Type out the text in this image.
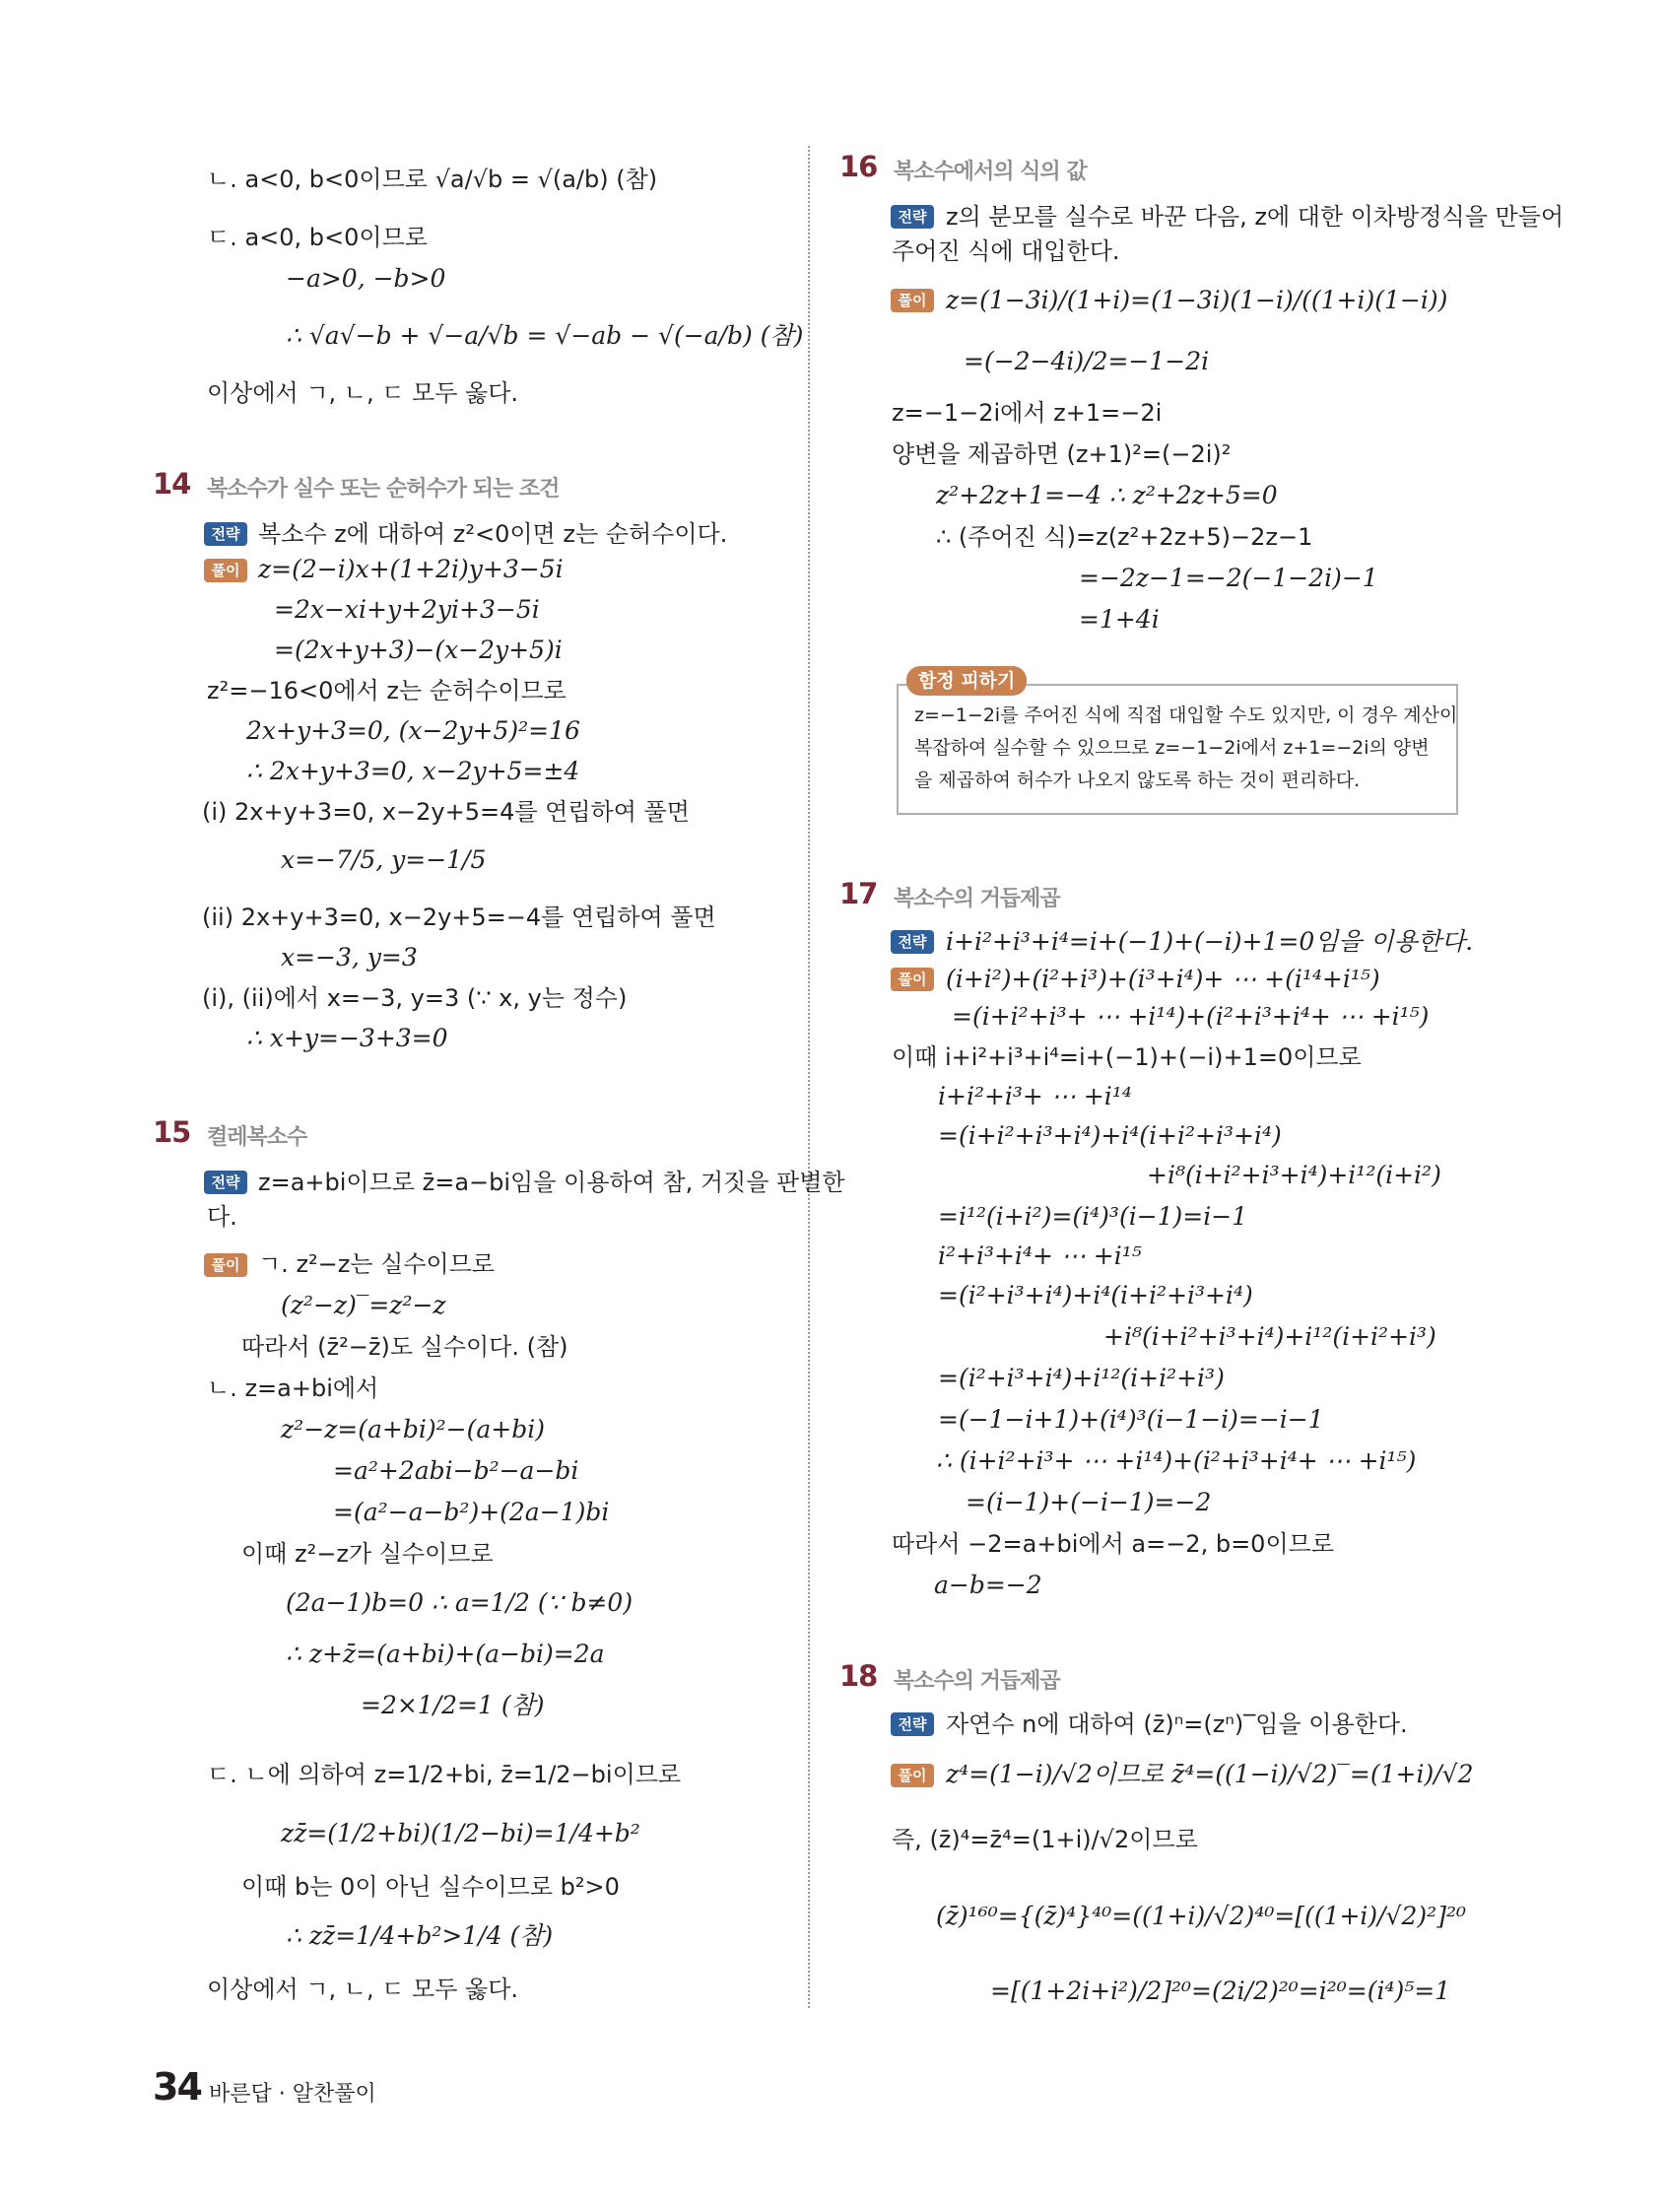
ㄴ. a<0, b<0이므로 √a/√b = √(a/b) (참)
ㄷ. a<0, b<0이므로
−a>0, −b>0
∴ √a√−b + √−a/√b = √−ab − √(−a/b) (참)
이상에서 ㄱ, ㄴ, ㄷ 모두 옳다.
14 복소수가 실수 또는 순허수가 되는 조건
전략 복소수 z에 대하여 z²<0이면 z는 순허수이다.
풀이 z=(2−i)x+(1+2i)y+3−5i
=2x−xi+y+2yi+3−5i
=(2x+y+3)−(x−2y+5)i
z²=−16<0에서 z는 순허수이므로
2x+y+3=0, (x−2y+5)²=16
∴ 2x+y+3=0, x−2y+5=±4
(i) 2x+y+3=0, x−2y+5=4를 연립하여 풀면
x=−7/5, y=−1/5
(ii) 2x+y+3=0, x−2y+5=−4를 연립하여 풀면
x=−3, y=3
(i), (ii)에서 x=−3, y=3 (∵ x, y는 정수)
∴ x+y=−3+3=0
15 켤레복소수
전략 z=a+bi이므로 z̄=a−bi임을 이용하여 참, 거짓을 판별한
다.
풀이 ㄱ. z²−z는 실수이므로
(z²−z)‾=z²−z
따라서 (z̄²−z̄)도 실수이다. (참)
ㄴ. z=a+bi에서
z²−z=(a+bi)²−(a+bi)
=a²+2abi−b²−a−bi
=(a²−a−b²)+(2a−1)bi
이때 z²−z가 실수이므로
(2a−1)b=0 ∴ a=1/2 (∵ b≠0)
∴ z+z̄=(a+bi)+(a−bi)=2a
=2×1/2=1 (참)
ㄷ. ㄴ에 의하여 z=1/2+bi, z̄=1/2−bi이므로
zz̄=(1/2+bi)(1/2−bi)=1/4+b²
이때 b는 0이 아닌 실수이므로 b²>0
∴ zz̄=1/4+b²>1/4 (참)
이상에서 ㄱ, ㄴ, ㄷ 모두 옳다.
16 복소수에서의 식의 값
전략 z의 분모를 실수로 바꾼 다음, z에 대한 이차방정식을 만들어
주어진 식에 대입한다.
풀이 z=(1−3i)/(1+i)=(1−3i)(1−i)/((1+i)(1−i))
=(−2−4i)/2=−1−2i
z=−1−2i에서 z+1=−2i
양변을 제곱하면 (z+1)²=(−2i)²
z²+2z+1=−4 ∴ z²+2z+5=0
∴ (주어진 식)=z(z²+2z+5)−2z−1
=−2z−1=−2(−1−2i)−1
=1+4i
함정 피하기
z=−1−2i를 주어진 식에 직접 대입할 수도 있지만, 이 경우 계산이
복잡하여 실수할 수 있으므로 z=−1−2i에서 z+1=−2i의 양변
을 제곱하여 허수가 나오지 않도록 하는 것이 편리하다.
17 복소수의 거듭제곱
전략 i+i²+i³+i⁴=i+(−1)+(−i)+1=0임을 이용한다.
풀이 (i+i²)+(i²+i³)+(i³+i⁴)+ ⋯ +(i¹⁴+i¹⁵)
=(i+i²+i³+ ⋯ +i¹⁴)+(i²+i³+i⁴+ ⋯ +i¹⁵)
이때 i+i²+i³+i⁴=i+(−1)+(−i)+1=0이므로
i+i²+i³+ ⋯ +i¹⁴
=(i+i²+i³+i⁴)+i⁴(i+i²+i³+i⁴)
+i⁸(i+i²+i³+i⁴)+i¹²(i+i²)
=i¹²(i+i²)=(i⁴)³(i−1)=i−1
i²+i³+i⁴+ ⋯ +i¹⁵
=(i²+i³+i⁴)+i⁴(i+i²+i³+i⁴)
+i⁸(i+i²+i³+i⁴)+i¹²(i+i²+i³)
=(i²+i³+i⁴)+i¹²(i+i²+i³)
=(−1−i+1)+(i⁴)³(i−1−i)=−i−1
∴ (i+i²+i³+ ⋯ +i¹⁴)+(i²+i³+i⁴+ ⋯ +i¹⁵)
=(i−1)+(−i−1)=−2
따라서 −2=a+bi에서 a=−2, b=0이므로
a−b=−2
18 복소수의 거듭제곱
전략 자연수 n에 대하여 (z̄)ⁿ=(zⁿ)‾임을 이용한다.
풀이 z⁴=(1−i)/√2이므로 z̄⁴=((1−i)/√2)‾=(1+i)/√2
즉, (z̄)⁴=z̄⁴=(1+i)/√2이므로
(z̄)¹⁶⁰={(z̄)⁴}⁴⁰=((1+i)/√2)⁴⁰=[((1+i)/√2)²]²⁰
=[(1+2i+i²)/2]²⁰=(2i/2)²⁰=i²⁰=(i⁴)⁵=1
34 바른답 · 알찬풀이
